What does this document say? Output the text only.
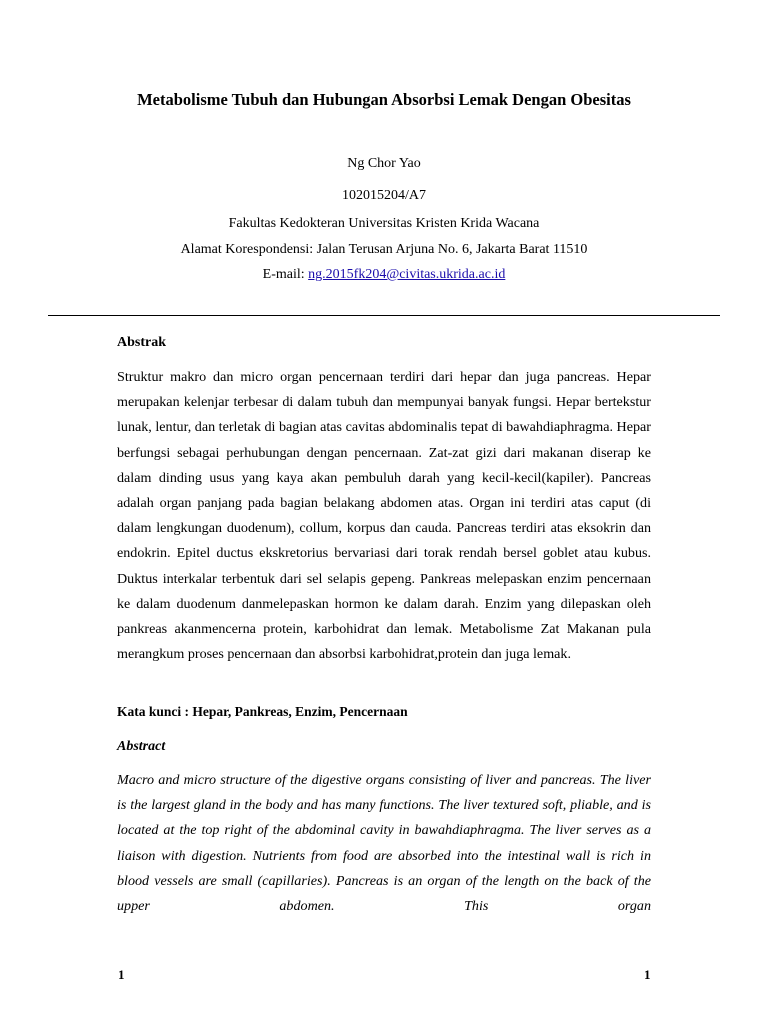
Metabolisme Tubuh dan Hubungan Absorbsi Lemak Dengan Obesitas

Ng Chor Yao

102015204/A7

Fakultas Kedokteran Universitas Kristen Krida Wacana

Alamat Korespondensi: Jalan Terusan Arjuna No. 6, Jakarta Barat 11510

E-mail: ng.2015fk204@civitas.ukrida.ac.id

Abstrak

Struktur makro dan micro organ pencernaan terdiri dari hepar dan juga pancreas. Hepar merupakan kelenjar terbesar di dalam tubuh dan mempunyai banyak fungsi. Hepar bertekstur lunak, lentur, dan terletak di bagian atas cavitas abdominalis tepat di bawahdiaphragma. Hepar berfungsi sebagai perhubungan dengan pencernaan. Zat-zat gizi dari makanan diserap ke dalam dinding usus yang kaya akan pembuluh darah yang kecil-kecil(kapiler). Pancreas adalah organ panjang pada bagian belakang abdomen atas. Organ ini terdiri atas caput (di dalam lengkungan duodenum), collum, korpus dan cauda. Pancreas terdiri atas eksokrin dan endokrin. Epitel ductus ekskretorius bervariasi dari torak rendah bersel goblet atau kubus. Duktus interkalar terbentuk dari sel selapis gepeng. Pankreas melepaskan enzim pencernaan ke dalam duodenum danmelepaskan hormon ke dalam darah. Enzim yang dilepaskan oleh pankreas akanmencerna protein, karbohidrat dan lemak. Metabolisme Zat Makanan pula merangkum proses pencernaan dan absorbsi karbohidrat,protein dan juga lemak.

Kata kunci : Hepar, Pankreas, Enzim, Pencernaan

Abstract

Macro and micro structure of the digestive organs consisting of liver and pancreas. The liver is the largest gland in the body and has many functions. The liver textured soft, pliable, and is located at the top right of the abdominal cavity in bawahdiaphragma. The liver serves as a liaison with digestion. Nutrients from food are absorbed into the intestinal wall is rich in blood vessels are small (capillaries). Pancreas is an organ of the length on the back of the upper abdomen. This organ

1	1
